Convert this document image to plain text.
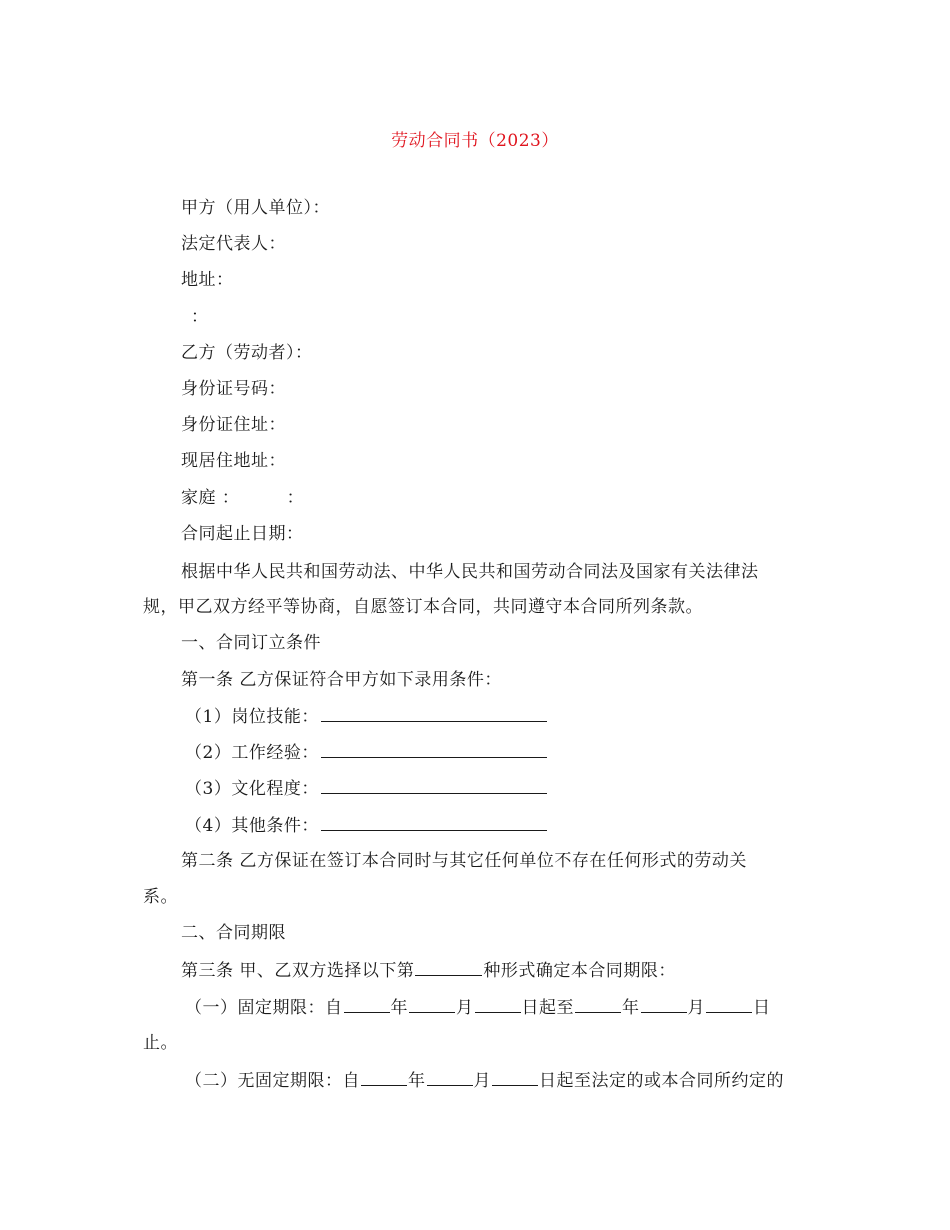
劳动合同书（2023）
甲方（用人单位）：
法定代表人：
地址：
：
乙方（劳动者）：
身份证号码：
身份证住址：
现居住地址：
家庭 ：        ：
合同起止日期：
根据中华人民共和国劳动法、中华人民共和国劳动合同法及国家有关法律法
规，甲乙双方经平等协商，自愿签订本合同，共同遵守本合同所列条款。
一、合同订立条件
第一条 乙方保证符合甲方如下录用条件：
（1）岗位技能：
（2）工作经验：
（3）文化程度：
（4）其他条件：
第二条 乙方保证在签订本合同时与其它任何单位不存在任何形式的劳动关
系。
二、合同期限
第三条 甲、乙双方选择以下第	种形式确定本合同期限：
（一）固定期限：自	年	月	日起至	年	月	日
止。
（二）无固定期限：自	年	月	日起至法定的或本合同所约定的
